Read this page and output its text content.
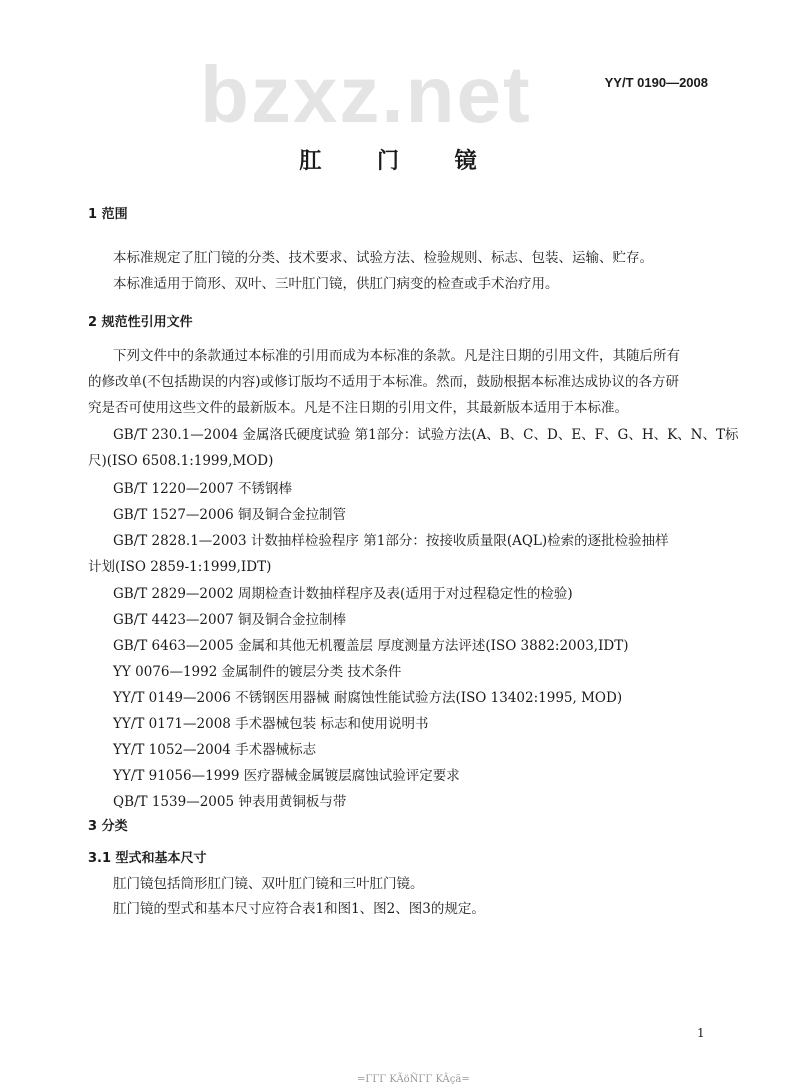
YY/T 0190—2008
bzxz.net
肛 门 镜
1 范围
本标准规定了肛门镜的分类、技术要求、试验方法、检验规则、标志、包装、运输、贮存。
本标准适用于筒形、双叶、三叶肛门镜，供肛门病变的检查或手术治疗用。
2 规范性引用文件
下列文件中的条款通过本标准的引用而成为本标准的条款。凡是注日期的引用文件，其随后所有
的修改单(不包括勘误的内容)或修订版均不适用于本标准。然而，鼓励根据本标准达成协议的各方研
究是否可使用这些文件的最新版本。凡是不注日期的引用文件，其最新版本适用于本标准。
GB/T 230.1—2004 金属洛氏硬度试验 第1部分：试验方法(A、B、C、D、E、F、G、H、K、N、T标
尺)(ISO 6508.1:1999,MOD)
GB/T 1220—2007 不锈钢棒
GB/T 1527—2006 铜及铜合金拉制管
GB/T 2828.1—2003 计数抽样检验程序 第1部分：按接收质量限(AQL)检索的逐批检验抽样
计划(ISO 2859-1:1999,IDT)
GB/T 2829—2002 周期检查计数抽样程序及表(适用于对过程稳定性的检验)
GB/T 4423—2007 铜及铜合金拉制棒
GB/T 6463—2005 金属和其他无机覆盖层 厚度测量方法评述(ISO 3882:2003,IDT)
YY 0076—1992 金属制件的镀层分类 技术条件
YY/T 0149—2006 不锈钢医用器械 耐腐蚀性能试验方法(ISO 13402:1995, MOD)
YY/T 0171—2008 手术器械包装 标志和使用说明书
YY/T 1052—2004 手术器械标志
YY/T 91056—1999 医疗器械金属镀层腐蚀试验评定要求
QB/T 1539—2005 钟表用黄铜板与带
3 分类
3.1 型式和基本尺寸
肛门镜包括筒形肛门镜、双叶肛门镜和三叶肛门镜。
肛门镜的型式和基本尺寸应符合表1和图1、图2、图3的规定。
1
=ΓΓΓ KÃöÑΓΓ KÂçã=
